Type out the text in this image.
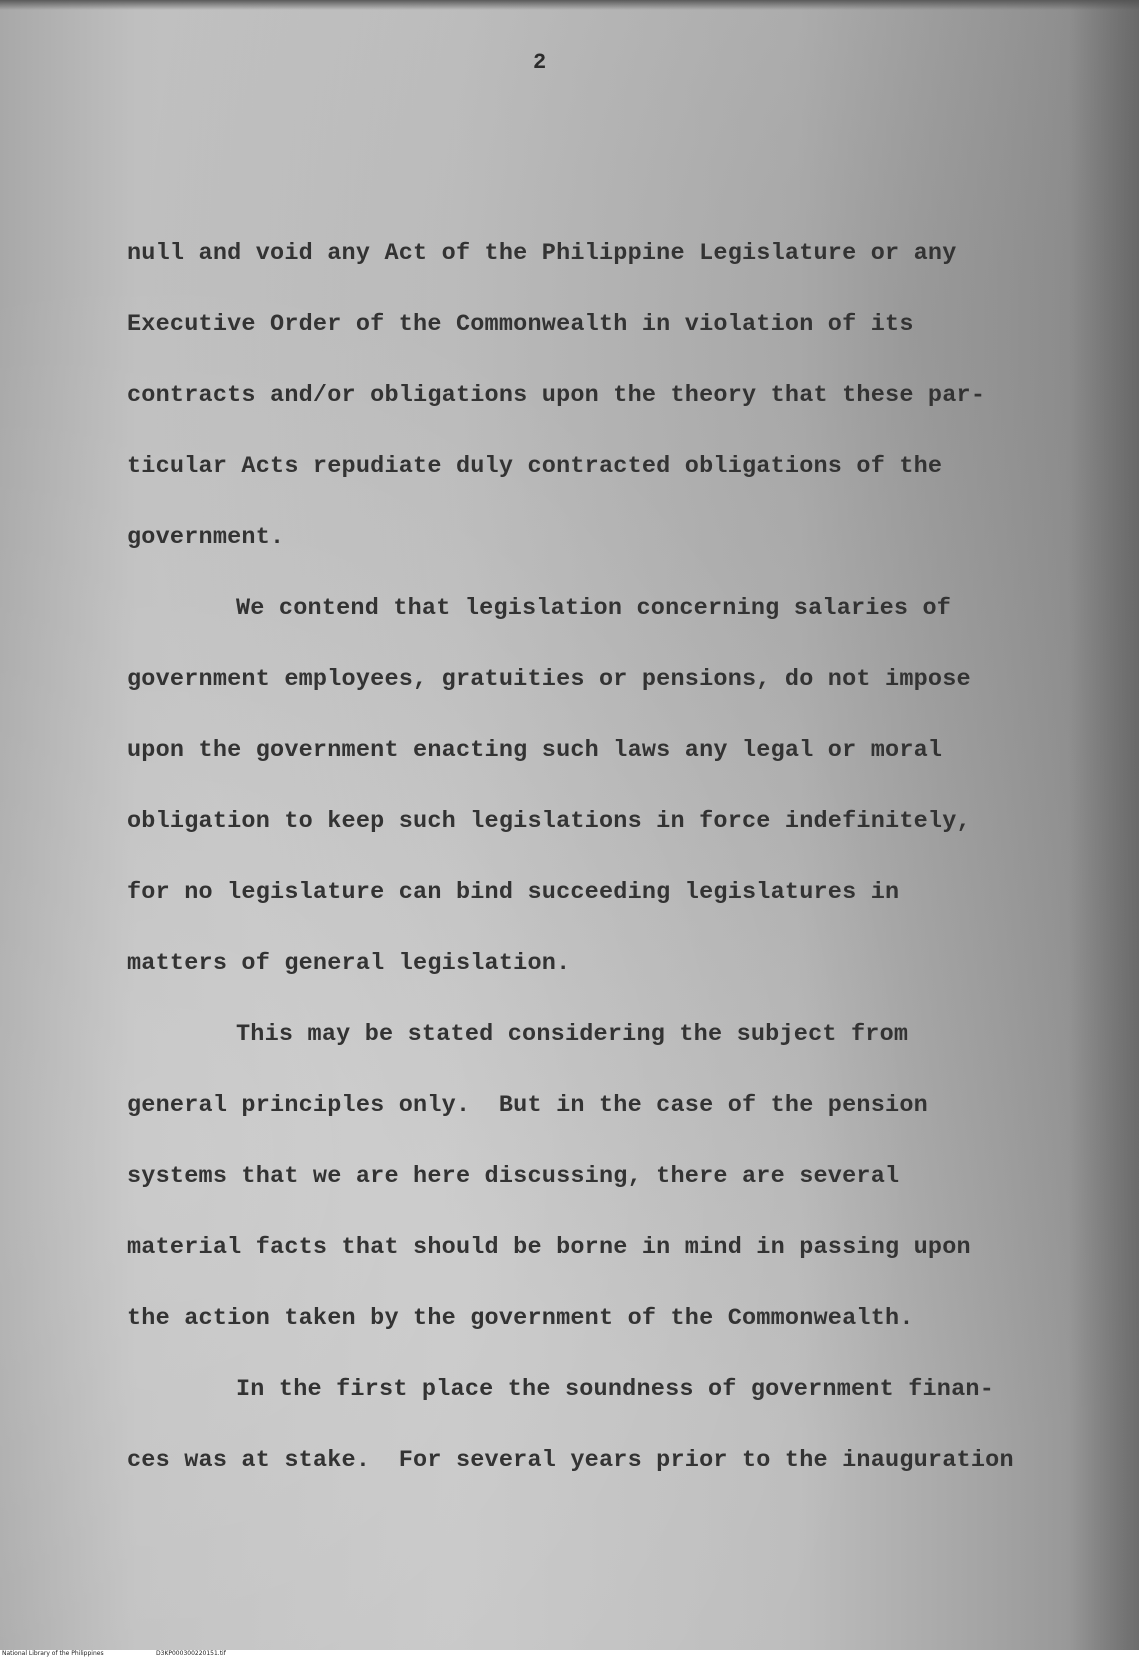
2

null and void any Act of the Philippine Legislature or any

Executive Order of the Commonwealth in violation of its

contracts and/or obligations upon the theory that these par-

ticular Acts repudiate duly contracted obligations of the

government.

We contend that legislation concerning salaries of

government employees, gratuities or pensions, do not impose

upon the government enacting such laws any legal or moral

obligation to keep such legislations in force indefinitely,

for no legislature can bind succeeding legislatures in

matters of general legislation.

This may be stated considering the subject from

general principles only.  But in the case of the pension

systems that we are here discussing, there are several

material facts that should be borne in mind in passing upon

the action taken by the government of the Commonwealth.

In the first place the soundness of government finan-

ces was at stake.  For several years prior to the inauguration

National Library of the Philippines

	D3KP000300220151.tif
